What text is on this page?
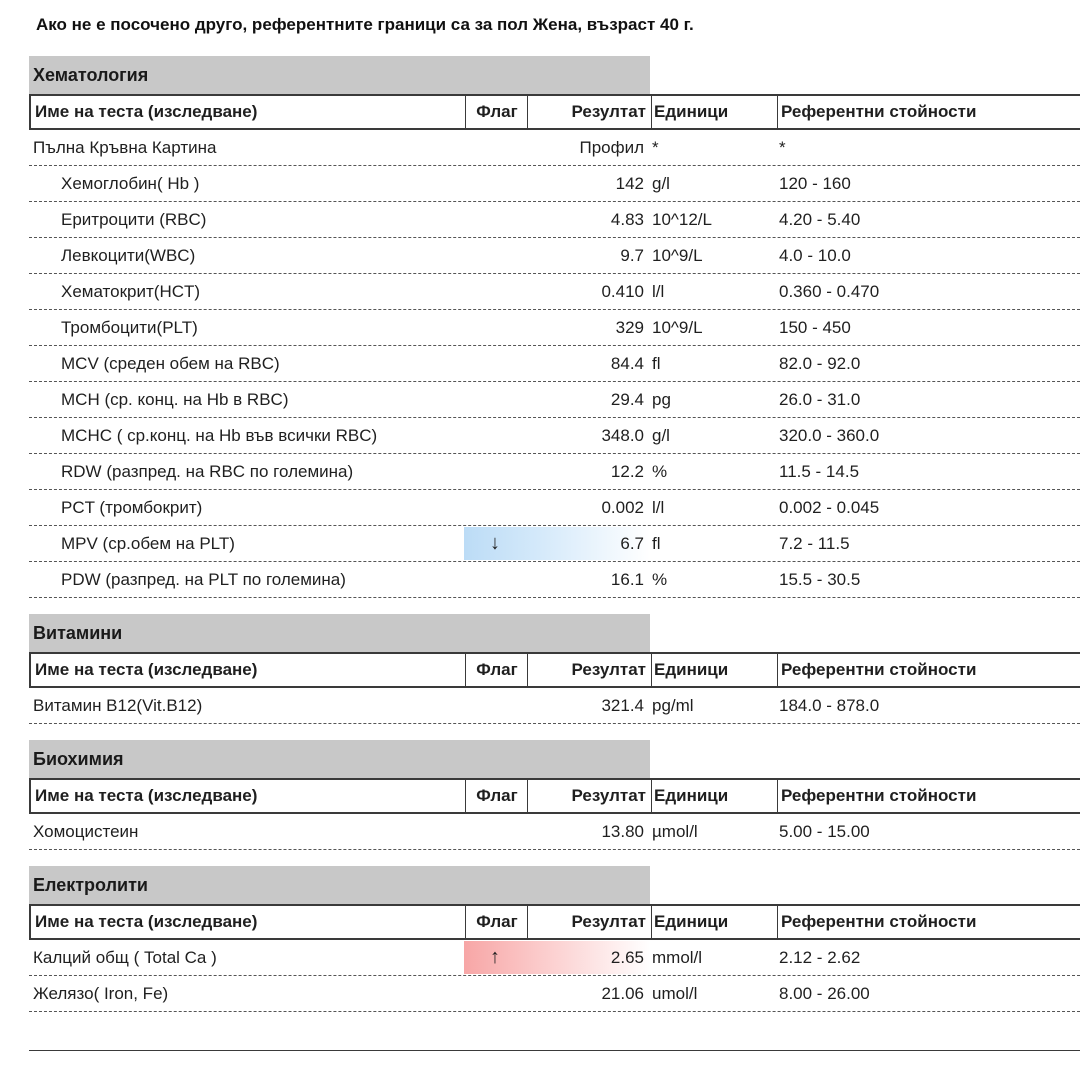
Ако не е посочено друго, референтните граници са за пол Жена, възраст 40 г.
Хематология
Име на теста (изследване)	Флаг	Резултат Единици	Референтни стойности
Пълна Кръвна Картина	Профил *	*
Хемоглобин( Hb )	142 g/l	120 - 160
Еритроцити (RBC)	4.83 10^12/L	4.20 - 5.40
Левкоцити(WBC)	9.7 10^9/L	4.0 - 10.0
Хематокрит(HCT)	0.410 l/l	0.360 - 0.470
Тромбоцити(PLT)	329 10^9/L	150 - 450
MCV (среден обем на RBC)	84.4 fl	82.0 - 92.0
MCH (ср. конц. на Hb в RBC)	29.4 pg	26.0 - 31.0
MCHC ( ср.конц. на Hb във всички RBC)	348.0 g/l	320.0 - 360.0
RDW (разпред. на RBC по големина)	12.2 %	11.5 - 14.5
PCT (тромбокрит)	0.002 l/l	0.002 - 0.045
MPV (ср.обем на PLT)	↓	6.7 fl	7.2 - 11.5
PDW (разпред. на PLT по големина)	16.1 %	15.5 - 30.5
Витамини
Име на теста (изследване)	Флаг	Резултат Единици	Референтни стойности
Витамин B12(Vit.B12)	321.4 pg/ml	184.0 - 878.0
Биохимия
Име на теста (изследване)	Флаг	Резултат Единици	Референтни стойности
Хомоцистеин	13.80 µmol/l	5.00 - 15.00
Електролити
Име на теста (изследване)	Флаг	Резултат Единици	Референтни стойности
Калций общ ( Total Ca )	↑	2.65 mmol/l	2.12 - 2.62
Желязо( Iron, Fe)	21.06 umol/l	8.00 - 26.00
